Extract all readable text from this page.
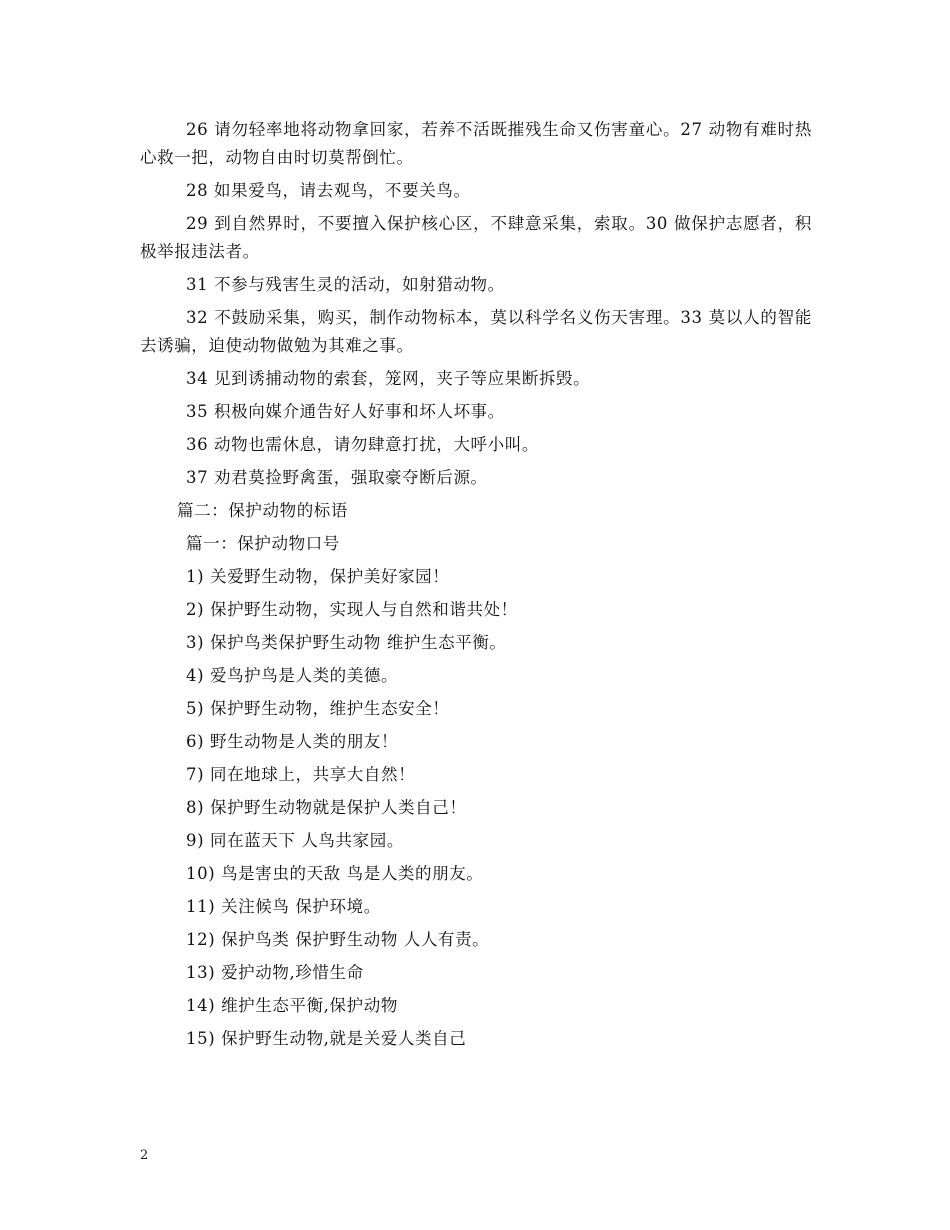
26 请勿轻率地将动物拿回家，若养不活既摧残生命又伤害童心。27 动物有难时热心救一把，动物自由时切莫帮倒忙。

28 如果爱鸟，请去观鸟，不要关鸟。

29 到自然界时，不要擅入保护核心区，不肆意采集，索取。30 做保护志愿者，积极举报违法者。

31 不参与残害生灵的活动，如射猎动物。

32 不鼓励采集，购买，制作动物标本，莫以科学名义伤天害理。33 莫以人的智能去诱骗，迫使动物做勉为其难之事。

34 见到诱捕动物的索套，笼网，夹子等应果断拆毁。

35 积极向媒介通告好人好事和坏人坏事。

36 动物也需休息，请勿肆意打扰，大呼小叫。

37 劝君莫捡野禽蛋，强取豪夺断后源。

篇二：保护动物的标语

篇一：保护动物口号

1) 关爱野生动物，保护美好家园！

2) 保护野生动物，实现人与自然和谐共处！

3) 保护鸟类保护野生动物 维护生态平衡。

4) 爱鸟护鸟是人类的美德。

5) 保护野生动物，维护生态安全！

6) 野生动物是人类的朋友！

7) 同在地球上，共享大自然！

8) 保护野生动物就是保护人类自己！

9) 同在蓝天下 人鸟共家园。

10) 鸟是害虫的天敌 鸟是人类的朋友。

11) 关注候鸟 保护环境。

12) 保护鸟类 保护野生动物 人人有责。

13) 爱护动物,珍惜生命

14) 维护生态平衡,保护动物

15) 保护野生动物,就是关爱人类自己

2
